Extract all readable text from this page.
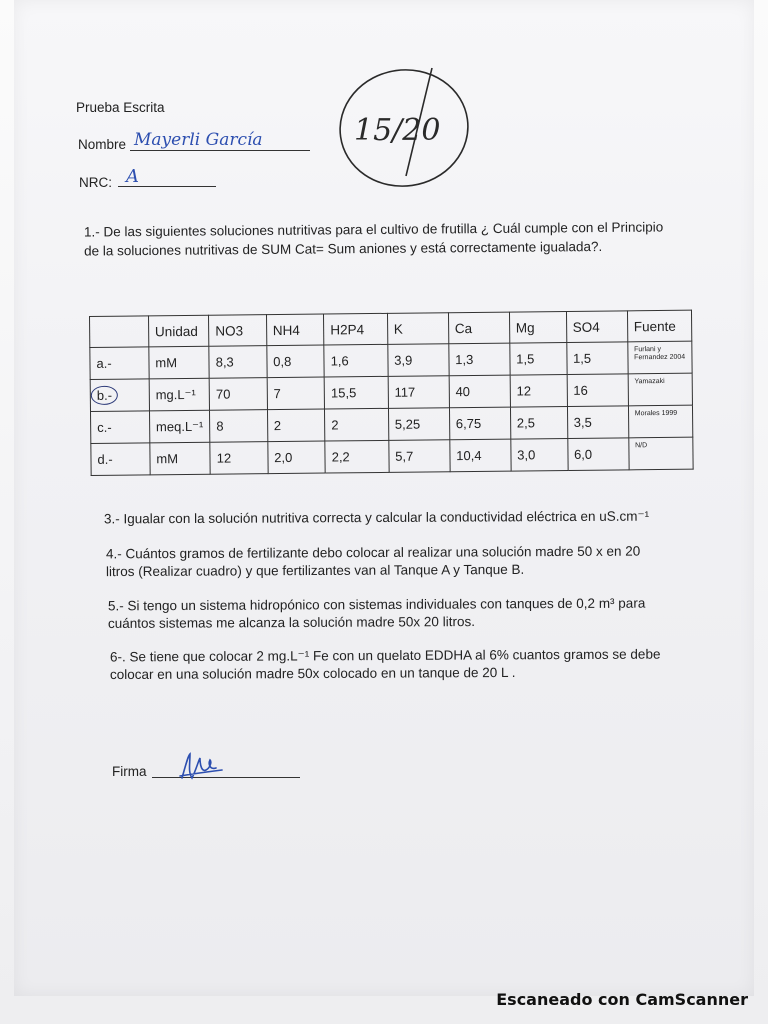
Prueba Escrita
Nombre Mayerli García
NRC: A
15/20
1.- De las siguientes soluciones nutritivas para el cultivo de frutilla ¿ Cuál cumple con el Principio de la soluciones nutritivas de SUM Cat= Sum aniones y está correctamente igualada?.
	Unidad	NO3	NH4	H2P4	K	Ca	Mg	SO4	Fuente
a.-	mM	8,3	0,8	1,6	3,9	1,3	1,5	1,5	Furlani y Fernandez 2004
b.-	mg.L⁻¹	70	7	15,5	117	40	12	16	Yamazaki
c.-	meq.L⁻¹	8	2	2	5,25	6,75	2,5	3,5	Morales 1999
d.-	mM	12	2,0	2,2	5,7	10,4	3,0	6,0	N/D
3.- Igualar con la solución nutritiva correcta y calcular la conductividad eléctrica en uS.cm⁻¹
4.- Cuántos gramos de fertilizante debo colocar al realizar una solución madre 50 x en 20
litros (Realizar cuadro) y que fertilizantes van al Tanque A y Tanque B.
5.- Si tengo un sistema hidropónico con sistemas individuales con tanques de 0,2 m³ para
cuántos sistemas me alcanza la solución madre 50x 20 litros.
6-. Se tiene que colocar 2 mg.L⁻¹ Fe con un quelato EDDHA al 6% cuantos gramos se debe
colocar en una solución madre 50x colocado en un tanque de 20 L .
Firma
Escaneado con CamScanner
